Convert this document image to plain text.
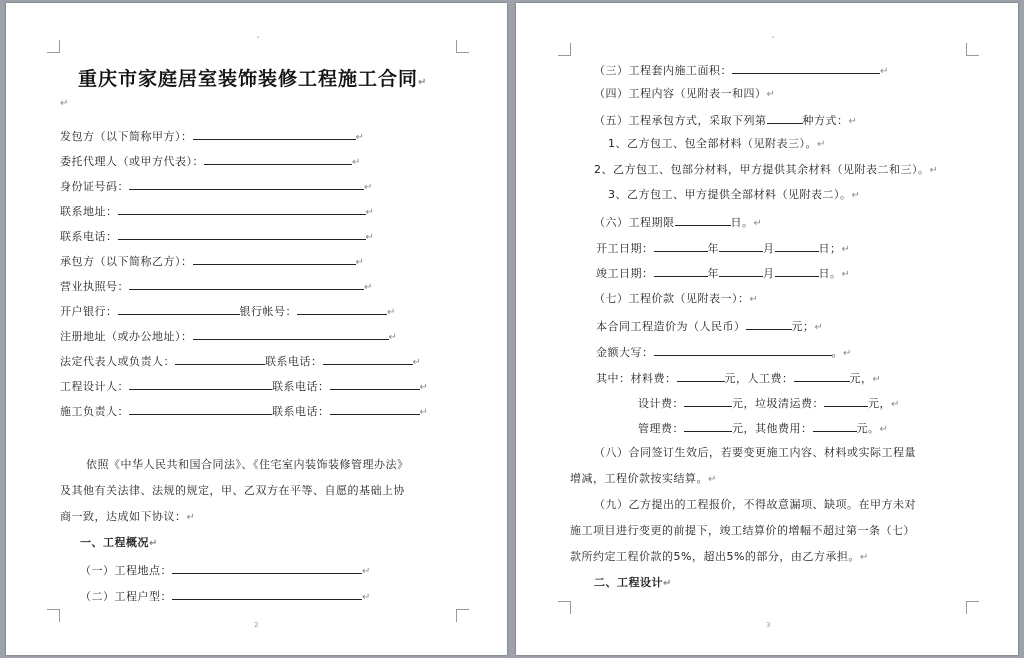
ˇ
重庆市家庭居室装饰装修工程施工合同↵
↵
发包方（以下简称甲方）：	↵
委托代理人（或甲方代表）：	↵
身份证号码：	↵
联系地址：	↵
联系电话：	↵
承包方（以下简称乙方）：	↵
营业执照号：	↵
开户银行：	银行帐号：	↵
注册地址（或办公地址）：	↵
法定代表人或负责人：	联系电话：	↵
工程设计人：	联系电话：	↵
施工负责人：	联系电话：	↵
依照《中华人民共和国合同法》、《住宅室内装饰装修管理办法》
及其他有关法律、法规的规定，甲、乙双方在平等、自愿的基础上协
商一致，达成如下协议：↵
一、工程概况↵
（一）工程地点：	↵
（二）工程户型：	↵
2
ˇ
（三）工程套内施工面积：	↵
（四）工程内容（见附表一和四）↵
（五）工程承包方式，采取下列第	种方式：↵
1、乙方包工、包全部材料（见附表三）。↵
2、乙方包工、包部分材料，甲方提供其余材料（见附表二和三）。↵
3、乙方包工、甲方提供全部材料（见附表二）。↵
（六）工程期限	日。↵
开工日期：	年	月	日；↵
竣工日期：	年	月	日。↵
（七）工程价款（见附表一）：↵
本合同工程造价为（人民币）	元；↵
金额大写：	。↵
其中：材料费：	元，人工费：	元，↵
设计费：	元，垃圾清运费：	元，↵
管理费：	元，其他费用：	元。↵
（八）合同签订生效后，若要变更施工内容、材料或实际工程量
增减，工程价款按实结算。↵
（九）乙方提出的工程报价，不得故意漏项、缺项。在甲方未对
施工项目进行变更的前提下，竣工结算价的增幅不超过第一条（七）
款所约定工程价款的5%，超出5%的部分，由乙方承担。↵
二、工程设计↵
3
